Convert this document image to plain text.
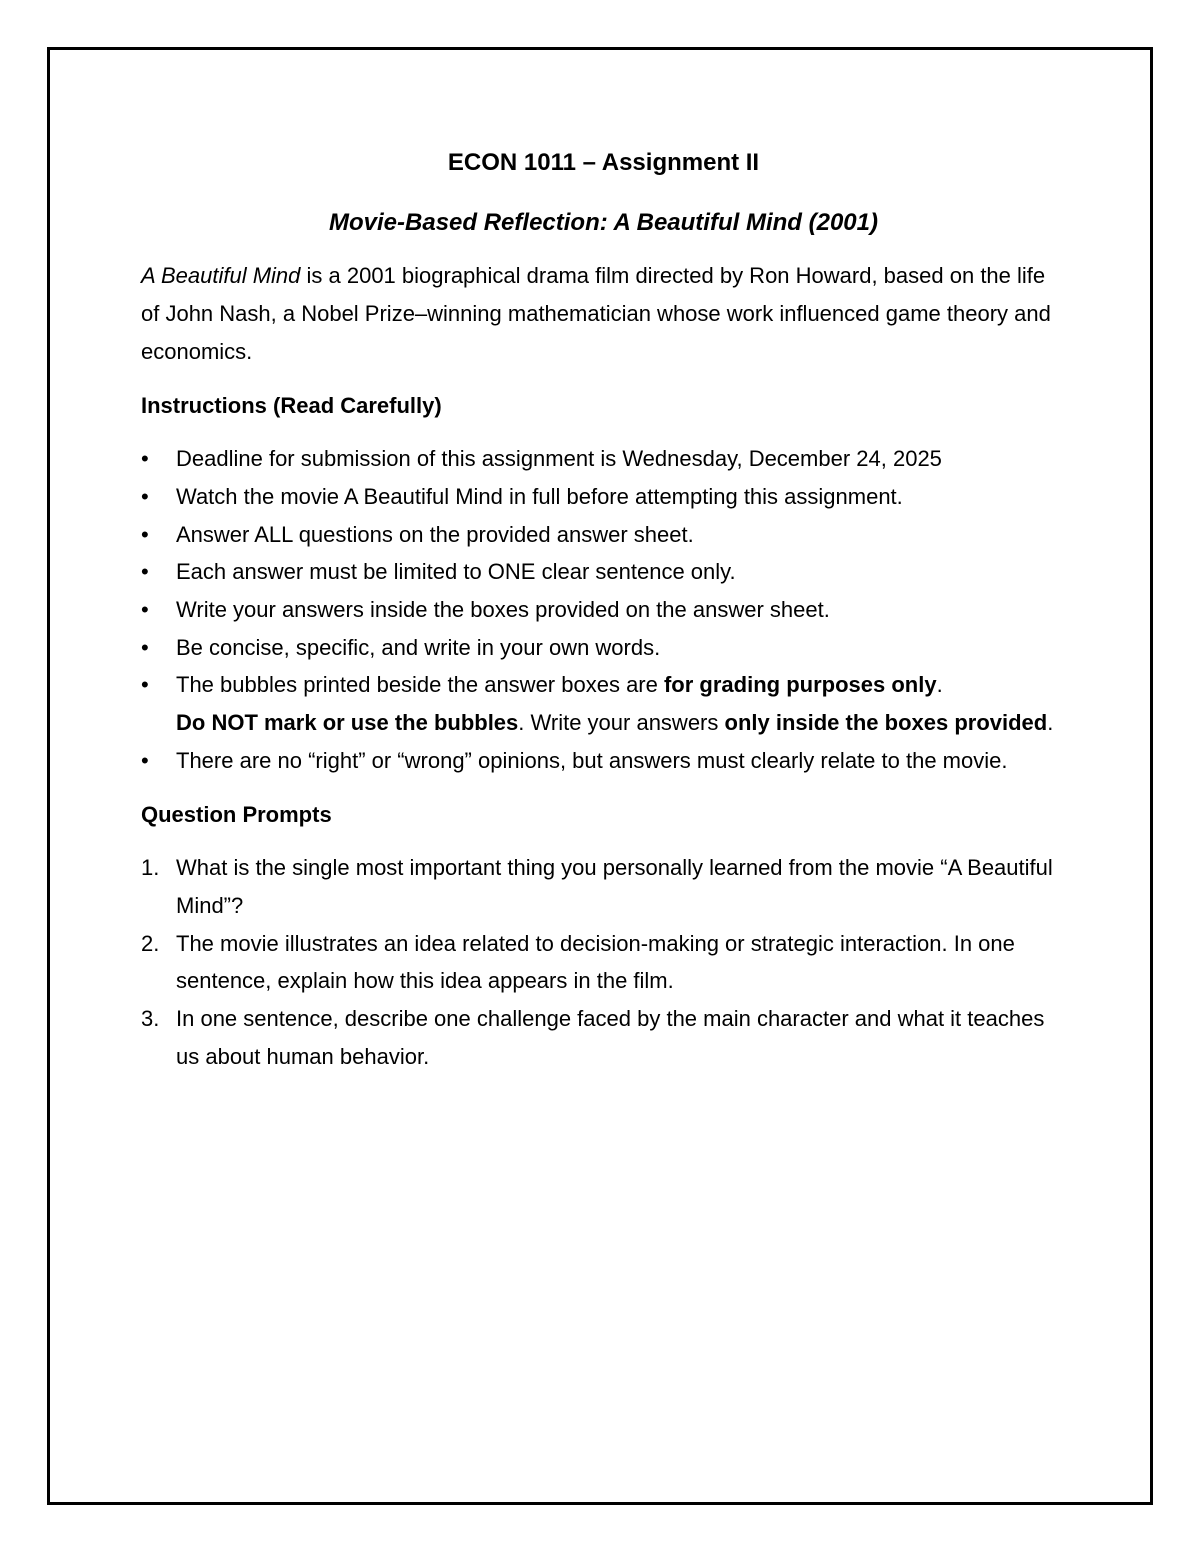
ECON 1011 – Assignment II
Movie-Based Reflection: A Beautiful Mind (2001)

A Beautiful Mind is a 2001 biographical drama film directed by Ron Howard, based on the life of John Nash, a Nobel Prize–winning mathematician whose work influenced game theory and economics.

Instructions (Read Carefully)
•	Deadline for submission of this assignment is Wednesday, December 24, 2025
•	Watch the movie A Beautiful Mind in full before attempting this assignment.
•	Answer ALL questions on the provided answer sheet.
•	Each answer must be limited to ONE clear sentence only.
•	Write your answers inside the boxes provided on the answer sheet.
•	Be concise, specific, and write in your own words.
•	The bubbles printed beside the answer boxes are for grading purposes only.
Do NOT mark or use the bubbles. Write your answers only inside the boxes provided.
•	There are no “right” or “wrong” opinions, but answers must clearly relate to the movie.
Question Prompts
1. What is the single most important thing you personally learned from the movie “A Beautiful Mind”?
2. The movie illustrates an idea related to decision-making or strategic interaction. In one sentence, explain how this idea appears in the film.
3. In one sentence, describe one challenge faced by the main character and what it teaches us about human behavior.
